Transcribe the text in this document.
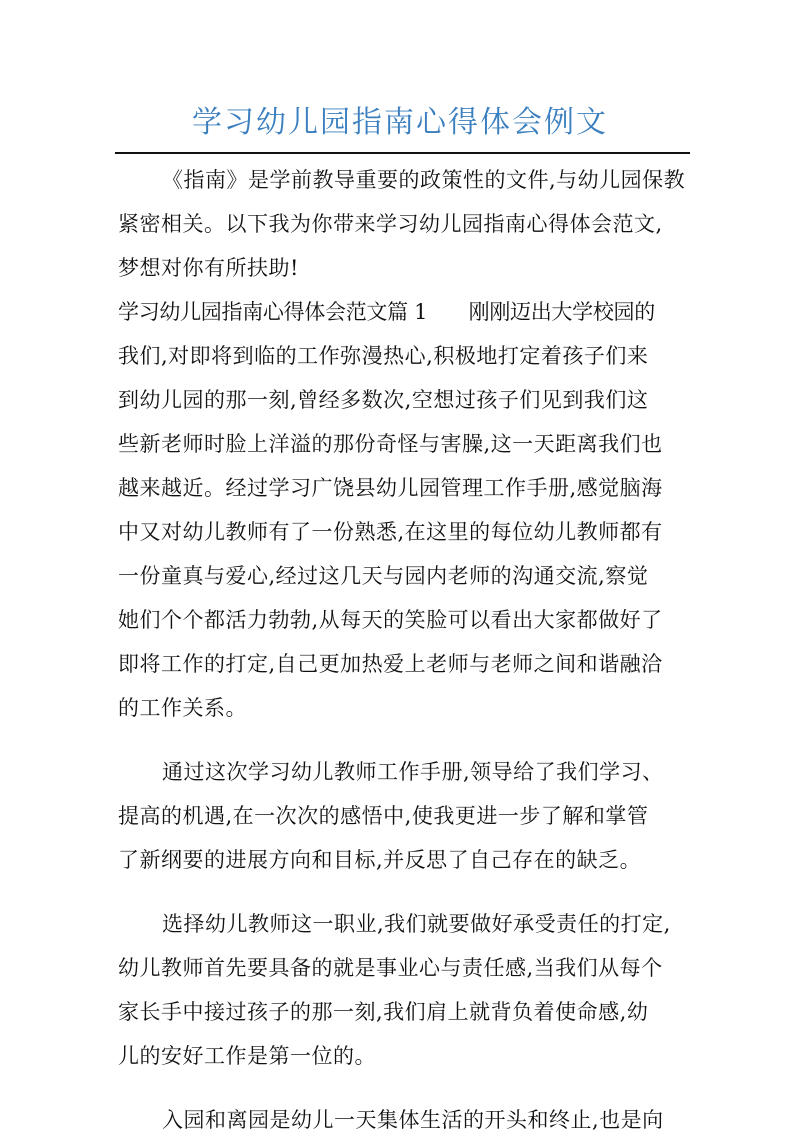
学习幼儿园指南心得体会例文
《指南》是学前教导重要的政策性的文件,与幼儿园保教
紧密相关。以下我为你带来学习幼儿园指南心得体会范文,
梦想对你有所扶助!
学习幼儿园指南心得体会范文篇 1　　刚刚迈出大学校园的
我们,对即将到临的工作弥漫热心,积极地打定着孩子们来
到幼儿园的那一刻,曾经多数次,空想过孩子们见到我们这
些新老师时脸上洋溢的那份奇怪与害臊,这一天距离我们也
越来越近。经过学习广饶县幼儿园管理工作手册,感觉脑海
中又对幼儿教师有了一份熟悉,在这里的每位幼儿教师都有
一份童真与爱心,经过这几天与园内老师的沟通交流,察觉
她们个个都活力勃勃,从每天的笑脸可以看出大家都做好了
即将工作的打定,自己更加热爱上老师与老师之间和谐融洽
的工作关系。
通过这次学习幼儿教师工作手册,领导给了我们学习、
提高的机遇,在一次次的感悟中,使我更进一步了解和掌管
了新纲要的进展方向和目标,并反思了自己存在的缺乏。
选择幼儿教师这一职业,我们就要做好承受责任的打定,
幼儿教师首先要具备的就是事业心与责任感,当我们从每个
家长手中接过孩子的那一刻,我们肩上就背负着使命感,幼
儿的安好工作是第一位的。
入园和离园是幼儿一天集体生活的开头和终止,也是向
